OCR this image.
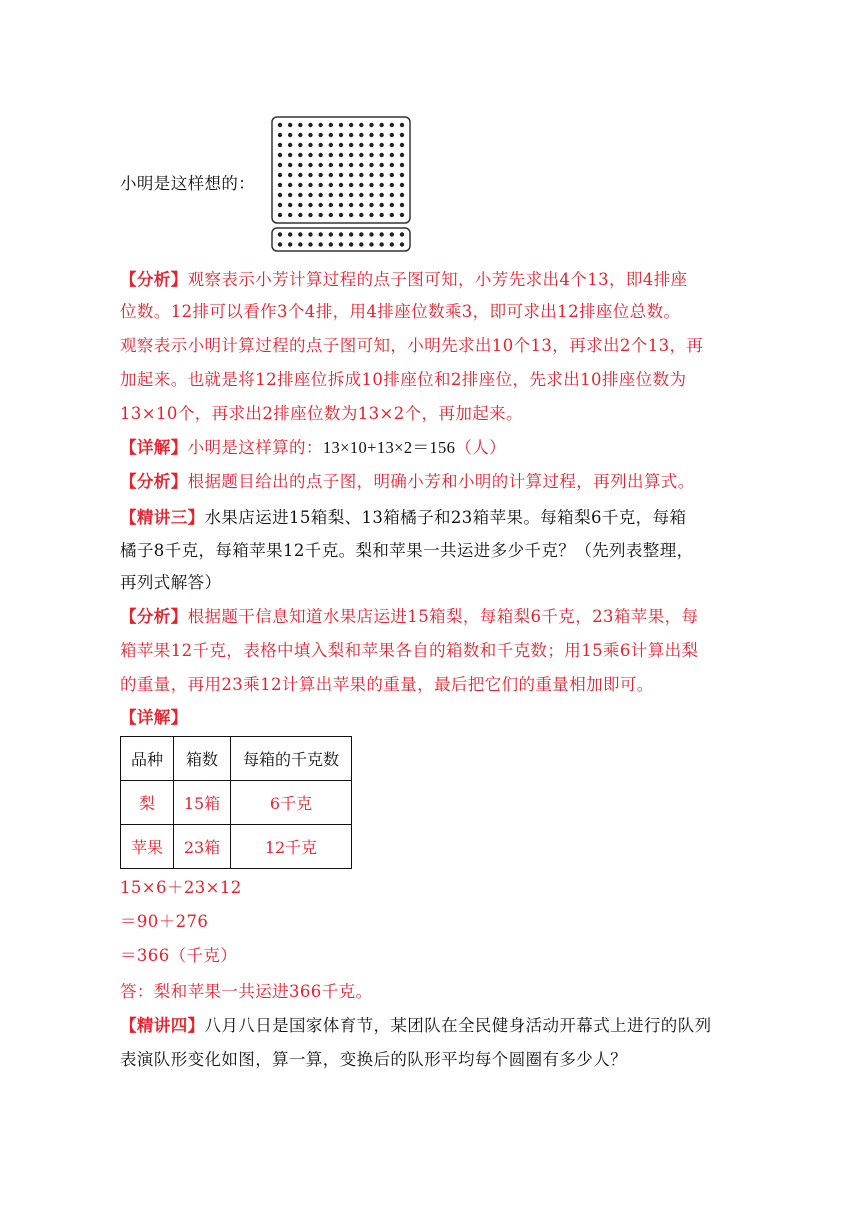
小明是这样想的：
【分析】观察表示小芳计算过程的点子图可知，小芳先求出4个13，即4排座
位数。12排可以看作3个4排，用4排座位数乘3，即可求出12排座位总数。
观察表示小明计算过程的点子图可知，小明先求出10个13，再求出2个13，再
加起来。也就是将12排座位拆成10排座位和2排座位，先求出10排座位数为
13×10个，再求出2排座位数为13×2个，再加起来。
【详解】小明是这样算的：13×10+13×2＝156（人）
【分析】根据题目给出的点子图，明确小芳和小明的计算过程，再列出算式。
【精讲三】水果店运进15箱梨、13箱橘子和23箱苹果。每箱梨6千克，每箱
橘子8千克，每箱苹果12千克。梨和苹果一共运进多少千克？（先列表整理，
再列式解答）
【分析】根据题干信息知道水果店运进15箱梨，每箱梨6千克，23箱苹果，每
箱苹果12千克，表格中填入梨和苹果各自的箱数和千克数；用15乘6计算出梨
的重量，再用23乘12计算出苹果的重量，最后把它们的重量相加即可。
【详解】
品种	箱数	每箱的千克数
梨	15箱	6千克
苹果	23箱	12千克
15×6＋23×12
＝90＋276
＝366（千克）
答：梨和苹果一共运进366千克。
【精讲四】八月八日是国家体育节，某团队在全民健身活动开幕式上进行的队列
表演队形变化如图，算一算，变换后的队形平均每个圆圈有多少人？
